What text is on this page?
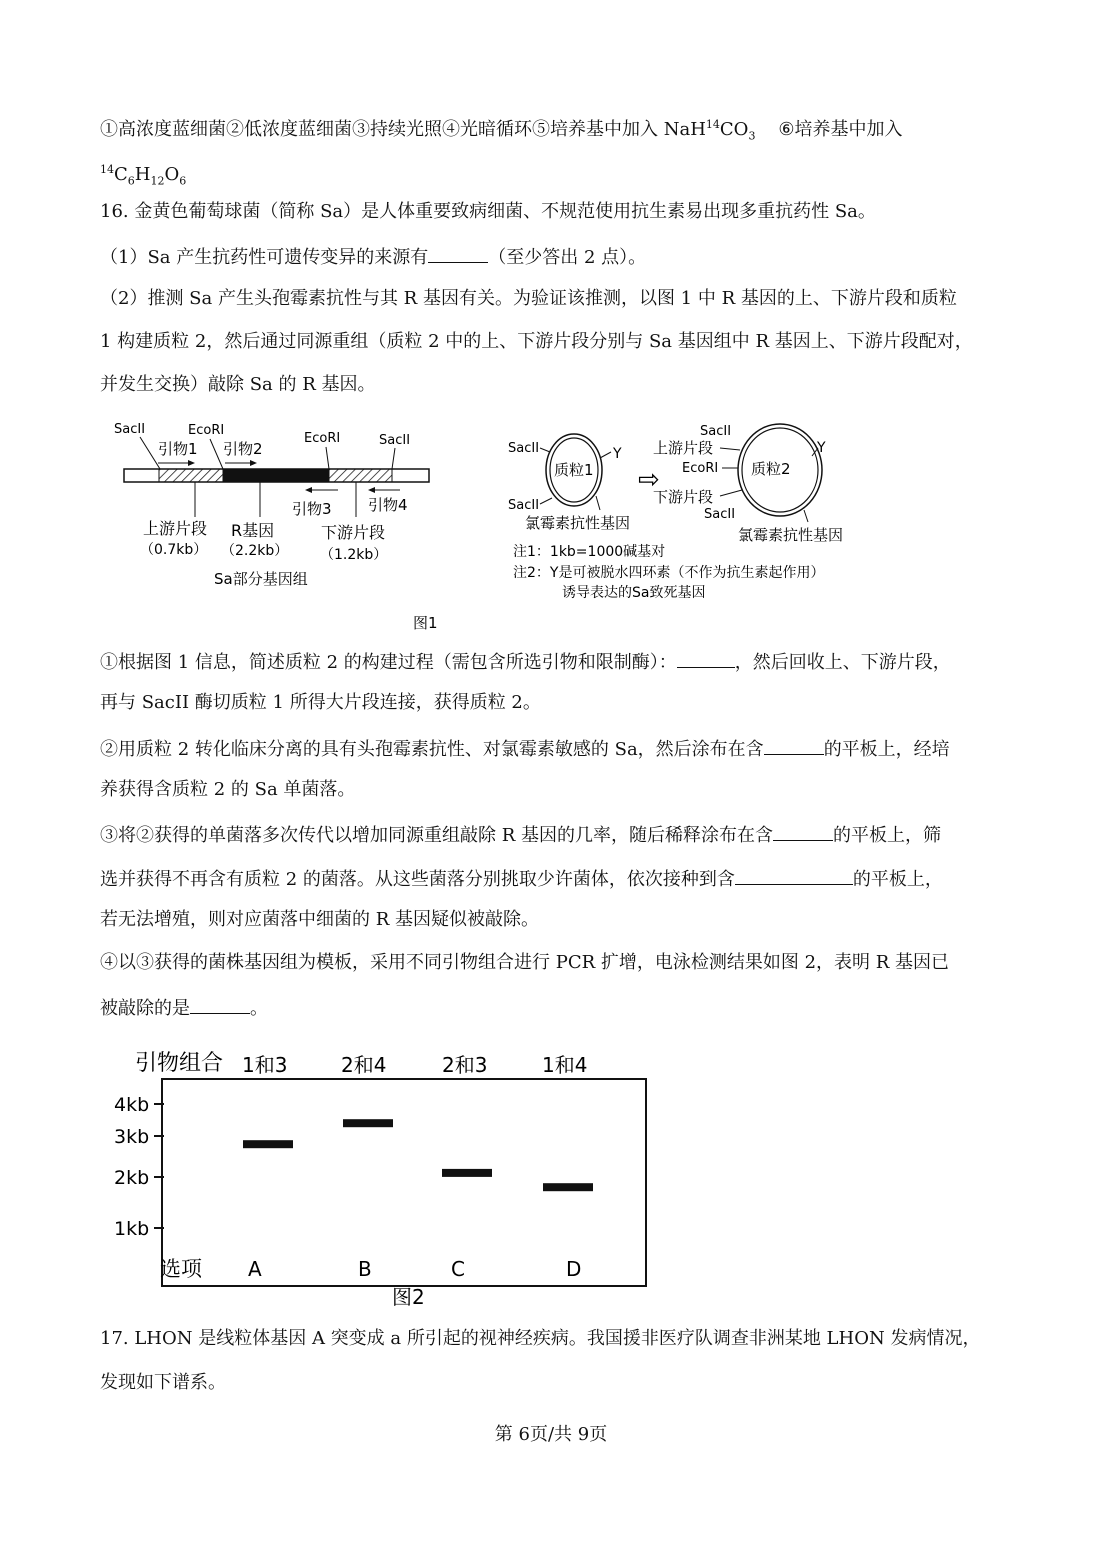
①高浓度蓝细菌②低浓度蓝细菌③持续光照④光暗循环⑤培养基中加入 $NaH^{14}CO_3$ ⑥培养基中加入
$^{14}C_6H_{12}O_6$
16. 金黄色葡萄球菌（简称 Sa）是人体重要致病细菌、不规范使用抗生素易出现多重抗药性 Sa。
（1）Sa 产生抗药性可遗传变异的来源有	（至少答出 2 点）。
（2）推测 Sa 产生头孢霉素抗性与其 R 基因有关。为验证该推测，以图 1 中 R 基因的上、下游片段和质粒
1 构建质粒 2，然后通过同源重组（质粒 2 中的上、下游片段分别与 Sa 基因组中 R 基因上、下游片段配对，
并发生交换）敲除 Sa 的 R 基因。
SacII	EcoRI
引物1 引物2
EcoRI	SacII
引物3 引物4
上游片段
（0.7kb）
R基因
（2.2kb）
下游片段
（1.2kb）
Sa部分基因组
质粒1
SacII
SacII
Y
氯霉素抗性基因
⇨	质粒2
SacII
上游片段
EcoRI
下游片段
SacII
Y
氯霉素抗性基因
注1：1kb=1000碱基对
注2：Y是可被脱水四环素（不作为抗生素起作用）
诱导表达的Sa致死基因
图1
①根据图 1 信息，简述质粒 2 的构建过程（需包含所选引物和限制酶）：	，然后回收上、下游片段，
再与 SacII 酶切质粒 1 所得大片段连接，获得质粒 2。
②用质粒 2 转化临床分离的具有头孢霉素抗性、对氯霉素敏感的 Sa，然后涂布在含	的平板上，经培
养获得含质粒 2 的 Sa 单菌落。
③将②获得的单菌落多次传代以增加同源重组敲除 R 基因的几率，随后稀释涂布在含	的平板上，筛
选并获得不再含有质粒 2 的菌落。从这些菌落分别挑取少许菌体，依次接种到含	的平板上，
若无法增殖，则对应菌落中细菌的 R 基因疑似被敲除。
④以③获得的菌株基因组为模板，采用不同引物组合进行 PCR 扩增，电泳检测结果如图 2，表明 R 基因已
被敲除的是	。
引物组合 1和3	2和4	2和3	1和4
4kb
3kb
2kb
1kb
选项 A	B	C	D
图2
17. LHON 是线粒体基因 A 突变成 a 所引起的视神经疾病。我国援非医疗队调查非洲某地 LHON 发病情况，
发现如下谱系。
第 6页/共 9页
